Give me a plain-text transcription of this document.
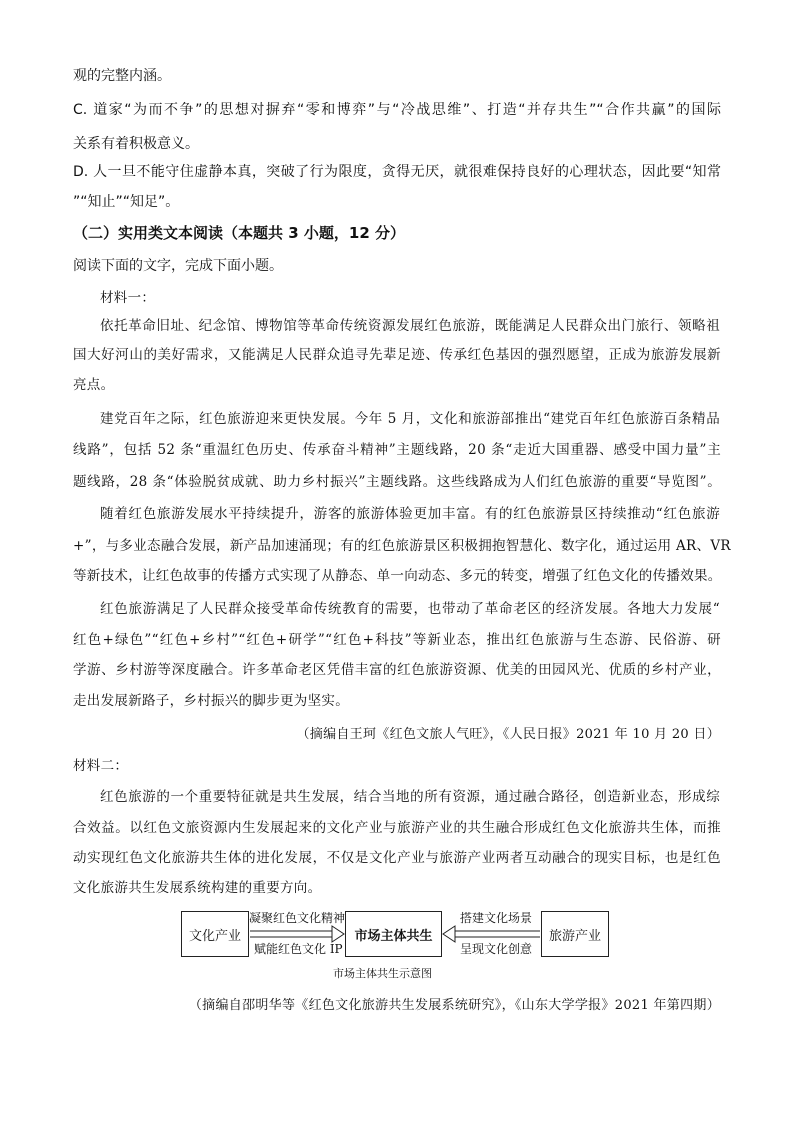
观的完整内涵。
C. 道家“为而不争”的思想对摒弃“零和博弈”与“冷战思维”、打造“并存共生”“合作共赢”的国际
关系有着积极意义。
D. 人一旦不能守住虚静本真，突破了行为限度，贪得无厌，就很难保持良好的心理状态，因此要“知常
”“知止”“知足”。
（二）实用类文本阅读（本题共 3 小题，12 分）
阅读下面的文字，完成下面小题。
材料一：
依托革命旧址、纪念馆、博物馆等革命传统资源发展红色旅游，既能满足人民群众出门旅行、领略祖
国大好河山的美好需求，又能满足人民群众追寻先辈足迹、传承红色基因的强烈愿望，正成为旅游发展新
亮点。
建党百年之际，红色旅游迎来更快发展。今年 5 月，文化和旅游部推出“建党百年红色旅游百条精品
线路”，包括 52 条“重温红色历史、传承奋斗精神”主题线路，20 条“走近大国重器、感受中国力量”主
题线路，28 条“体验脱贫成就、助力乡村振兴”主题线路。这些线路成为人们红色旅游的重要“导览图”。
随着红色旅游发展水平持续提升，游客的旅游体验更加丰富。有的红色旅游景区持续推动“红色旅游
+”，与多业态融合发展，新产品加速涌现；有的红色旅游景区积极拥抱智慧化、数字化，通过运用 AR、VR
等新技术，让红色故事的传播方式实现了从静态、单一向动态、多元的转变，增强了红色文化的传播效果。
红色旅游满足了人民群众接受革命传统教育的需要，也带动了革命老区的经济发展。各地大力发展“
红色+绿色”“红色+乡村”“红色+研学”“红色+科技”等新业态，推出红色旅游与生态游、民俗游、研
学游、乡村游等深度融合。许多革命老区凭借丰富的红色旅游资源、优美的田园风光、优质的乡村产业，
走出发展新路子，乡村振兴的脚步更为坚实。
（摘编自王珂《红色文旅人气旺》，《人民日报》2021 年 10 月 20 日）
材料二：
红色旅游的一个重要特征就是共生发展，结合当地的所有资源，通过融合路径，创造新业态，形成综
合效益。以红色文旅资源内生发展起来的文化产业与旅游产业的共生融合形成红色文化旅游共生体，而推
动实现红色文化旅游共生体的进化发展，不仅是文化产业与旅游产业两者互动融合的现实目标，也是红色
文化旅游共生发展系统构建的重要方向。
文化产业	市场主体共生	旅游产业
凝聚红色文化精神
赋能红色文化 IP
搭建文化场景
呈现文化创意
市场主体共生示意图
（摘编自邵明华等《红色文化旅游共生发展系统研究》，《山东大学学报》2021 年第四期）
